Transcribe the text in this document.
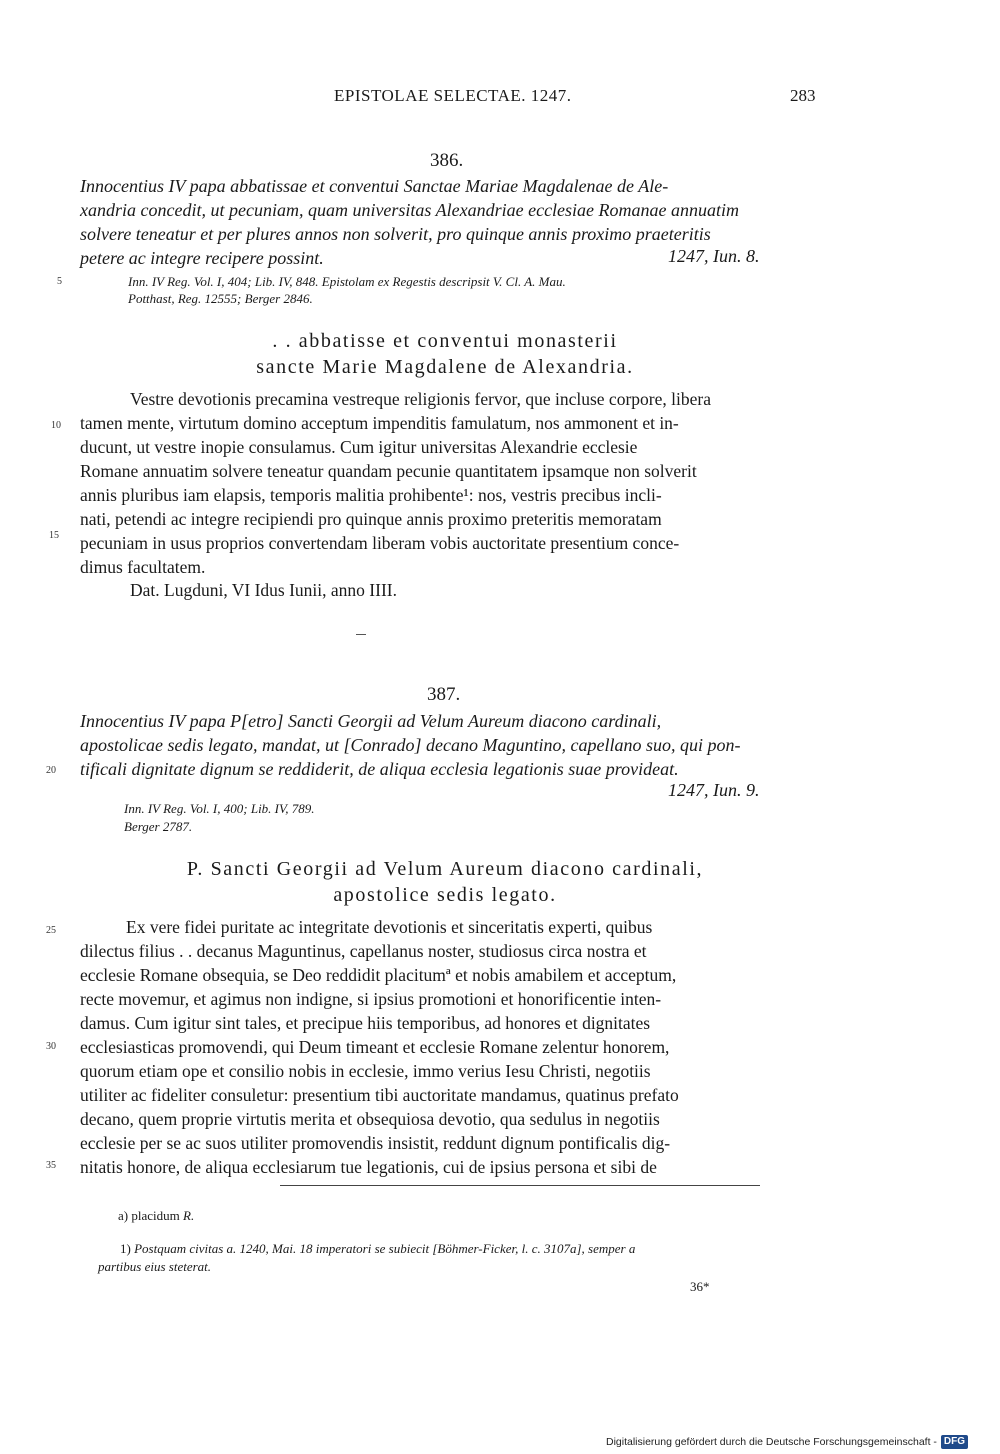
EPISTOLAE SELECTAE. 1247.	283
386.

Innocentius IV papa abbatissae et conventui Sanctae Mariae Magdalenae de Ale-

xandria concedit, ut pecuniam, quam universitas Alexandriae ecclesiae Romanae annuatim

solvere teneatur et per plures annos non solverit, pro quinque annis proximo praeteritis

petere ac integre recipere possint.	1247, Iun. 8.

Inn. IV Reg. Vol. I, 404; Lib. IV, 848. Epistolam ex Regestis descripsit V. Cl. A. Mau.

Potthast, Reg. 12555; Berger 2846.

. . abbatisse et conventui monasterii
sancte Marie Magdalene de Alexandria.

Vestre devotionis precamina vestreque religionis fervor, que incluse corpore, libera

tamen mente, virtutum domino acceptum impenditis famulatum, nos ammonent et in-

ducunt, ut vestre inopie consulamus. Cum igitur universitas Alexandrie ecclesie

Romane annuatim solvere teneatur quandam pecunie quantitatem ipsamque non solverit

annis pluribus iam elapsis, temporis malitia prohibente¹: nos, vestris precibus incli-

nati, petendi ac integre recipiendi pro quinque annis proximo preteritis memoratam

pecuniam in usus proprios convertendam liberam vobis auctoritate presentium conce-

dimus facultatem.

Dat. Lugduni, VI Idus Iunii, anno IIII.

387.

Innocentius IV papa P[etro] Sancti Georgii ad Velum Aureum diacono cardinali,

apostolicae sedis legato, mandat, ut [Conrado] decano Maguntino, capellano suo, qui pon-

tificali dignitate dignum se reddiderit, de aliqua ecclesia legationis suae provideat.

1247, Iun. 9.

Inn. IV Reg. Vol. I, 400; Lib. IV, 789.

Berger 2787.

P. Sancti Georgii ad Velum Aureum diacono cardinali,
apostolice sedis legato.

Ex vere fidei puritate ac integritate devotionis et sinceritatis experti, quibus

dilectus filius . . decanus Maguntinus, capellanus noster, studiosus circa nostra et

ecclesie Romane obsequia, se Deo reddidit placitumª et nobis amabilem et acceptum,

recte movemur, et agimus non indigne, si ipsius promotioni et honorificentie inten-

damus. Cum igitur sint tales, et precipue hiis temporibus, ad honores et dignitates

ecclesiasticas promovendi, qui Deum timeant et ecclesie Romane zelentur honorem,

quorum etiam ope et consilio nobis in ecclesie, immo verius Iesu Christi, negotiis

utiliter ac fideliter consuletur: presentium tibi auctoritate mandamus, quatinus prefato

decano, quem proprie virtutis merita et obsequiosa devotio, qua sedulus in negotiis

ecclesie per se ac suos utiliter promovendis insistit, reddunt dignum pontificalis dig-

nitatis honore, de aliqua ecclesiarum tue legationis, cui de ipsius persona et sibi de

5
10
15
20
25
30
35
a) placidum R.
1) Postquam civitas a. 1240, Mai. 18 imperatori se subiecit [Böhmer-Ficker, l. c. 3107a], semper a
partibus eius steterat.
36*
Digitalisierung gefördert durch die Deutsche Forschungsgemeinschaft - DFG
